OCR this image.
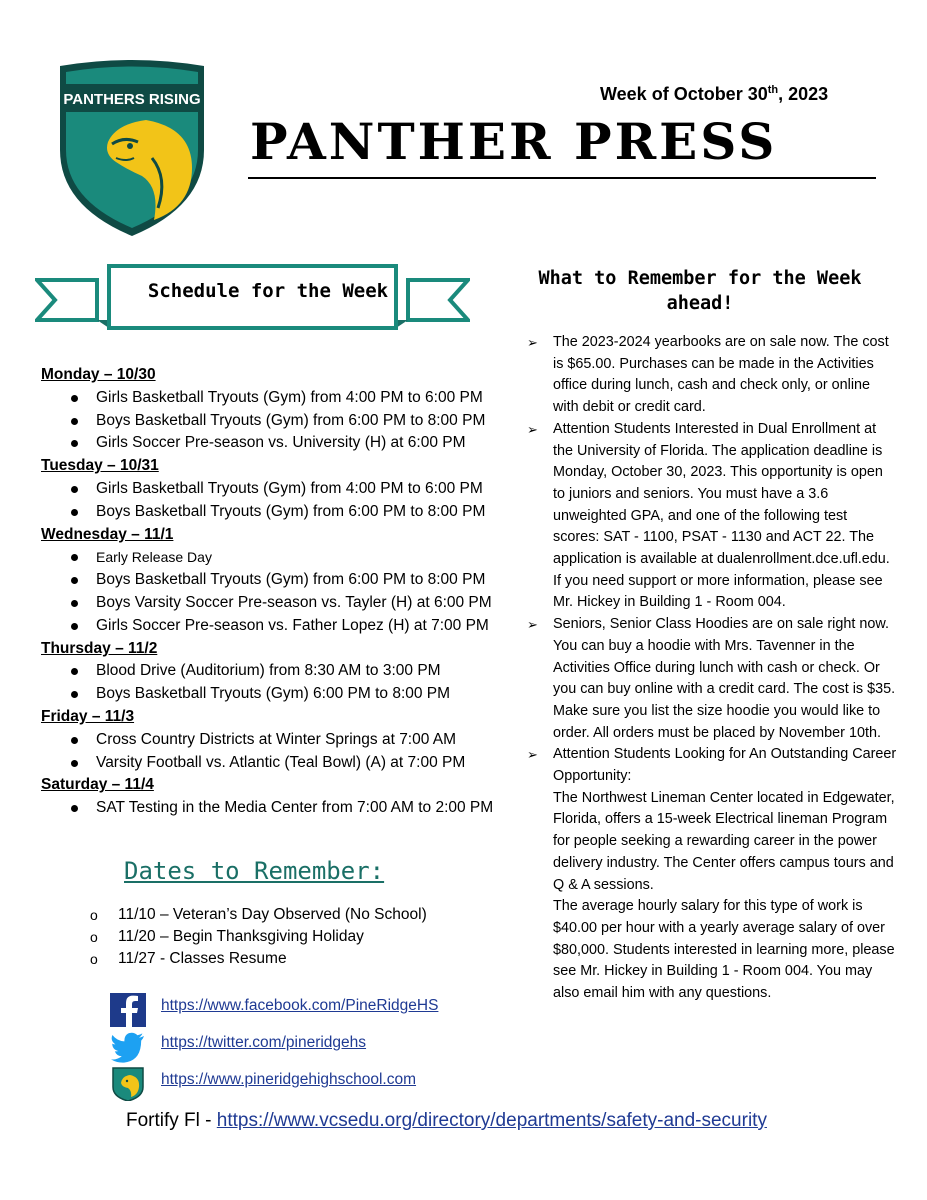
PANTHERS RISING	Week of October 30th, 2023
PANTHER PRESS
Schedule for the Week
Monday – 10/30
Girls Basketball Tryouts (Gym) from 4:00 PM to 6:00 PM
Boys Basketball Tryouts (Gym) from 6:00 PM to 8:00 PM
Girls Soccer Pre-season vs. University (H) at 6:00 PM
Tuesday – 10/31
Girls Basketball Tryouts (Gym) from 4:00 PM to 6:00 PM
Boys Basketball Tryouts (Gym) from 6:00 PM to 8:00 PM
Wednesday – 11/1
Early Release Day
Boys Basketball Tryouts (Gym) from 6:00 PM to 8:00 PM
Boys Varsity Soccer Pre-season vs. Tayler (H) at 6:00 PM
Girls Soccer Pre-season vs. Father Lopez (H) at 7:00 PM
Thursday – 11/2
Blood Drive (Auditorium) from 8:30 AM to 3:00 PM
Boys Basketball Tryouts (Gym) 6:00 PM to 8:00 PM
Friday – 11/3
Cross Country Districts at Winter Springs at 7:00 AM
Varsity Football vs. Atlantic (Teal Bowl) (A) at 7:00 PM
Saturday – 11/4
SAT Testing in the Media Center from 7:00 AM to 2:00 PM
Dates to Remember:
o 11/10 – Veteran’s Day Observed (No School)
o 11/20 – Begin Thanksgiving Holiday
o 11/27 - Classes Resume
https://www.facebook.com/PineRidgeHS
https://twitter.com/pineridgehs
https://www.pineridgehighschool.com
Fortify Fl - https://www.vcsedu.org/directory/departments/safety-and-security
What to Remember for the Week ahead!

➢ The 2023-2024 yearbooks are on sale now. The cost is $65.00. Purchases can be made in the Activities office during lunch, cash and check only, or online with debit or credit card.

➢ Attention Students Interested in Dual Enrollment at the University of Florida. The application deadline is Monday, October 30, 2023. This opportunity is open to juniors and seniors. You must have a 3.6 unweighted GPA, and one of the following test scores: SAT - 1100, PSAT - 1130 and ACT 22. The application is available at dualenrollment.dce.ufl.edu. If you need support or more information, please see Mr. Hickey in Building 1 - Room 004.

➢ Seniors, Senior Class Hoodies are on sale right now. You can buy a hoodie with Mrs. Tavenner in the Activities Office during lunch with cash or check. Or you can buy online with a credit card. The cost is $35. Make sure you list the size hoodie you would like to order. All orders must be placed by November 10th.

➢ Attention Students Looking for An Outstanding Career Opportunity:

The Northwest Lineman Center located in Edgewater, Florida, offers a 15-week Electrical lineman Program for people seeking a rewarding career in the power delivery industry. The Center offers campus tours and Q & A sessions.

The average hourly salary for this type of work is $40.00 per hour with a yearly average salary of over $80,000. Students interested in learning more, please see Mr. Hickey in Building 1 - Room 004. You may also email him with any questions.
